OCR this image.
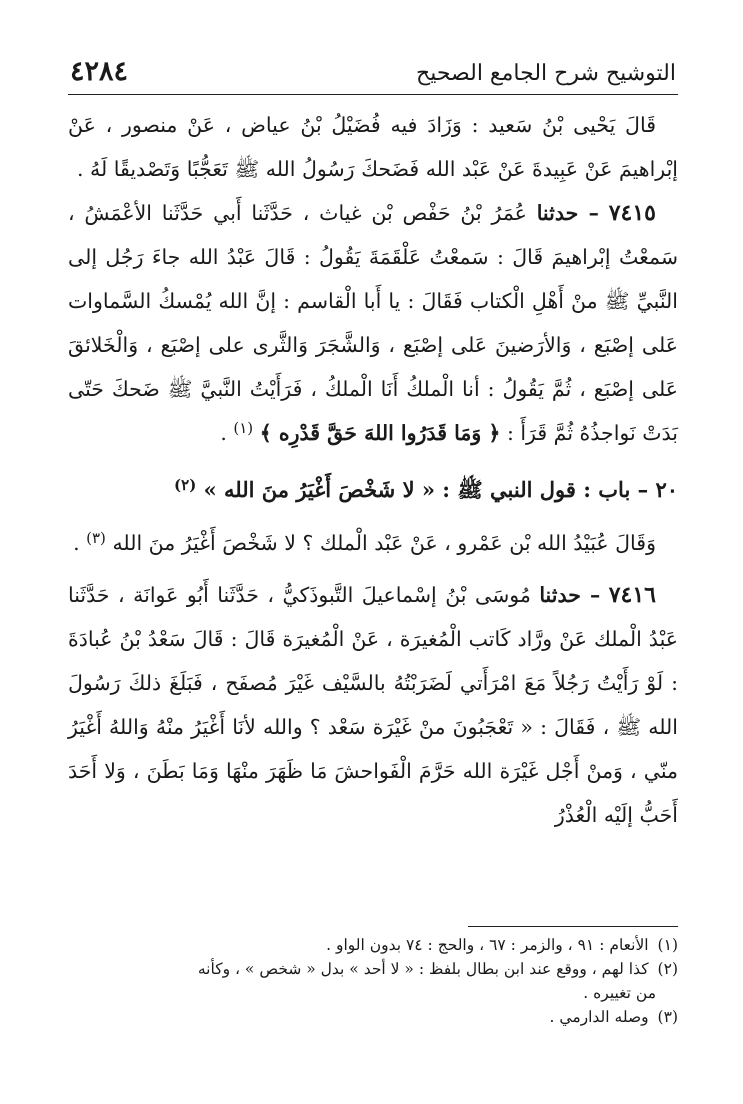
التوشيح شرح الجامع الصحيح
٤٢٨٤

قَالَ يَحْيى بْنُ سَعيد : وَزَادَ فيه فُضَيْلُ بْنُ عياض ، عَنْ منصور ، عَنْ إبْراهيمَ عَنْ عَبِيدةَ عَنْ عَبْد الله فَضَحكَ رَسُولُ الله ﷺ تَعَجُّبًا وَتَصْديقًا لَهُ .

٧٤١٥ – حدثنا عُمَرُ بْنُ حَفْص بْن غياث ، حَدَّثَنا أَبي حَدَّثَنا الأعْمَشُ ، سَمعْتُ إبْراهيمَ قَالَ : سَمعْتُ عَلْقَمَةَ يَقُولُ : قَالَ عَبْدُ الله جاءَ رَجُل إلى النَّبيِّ ﷺ منْ أَهْلِ الْكتاب فَقَالَ : يا أَبا الْقاسم : إنَّ الله يُمْسكُ السَّماوات عَلى إصْبَع ، وَالأرَضينَ عَلى إصْبَع ، وَالشَّجَرَ وَالثَّرى على إصْبَع ، وَالْخَلائقَ عَلى إصْبَع ، ثُمَّ يَقُولُ : أنا الْملكُ أَنَا الْملكُ ، فَرَأَيْتُ النَّبيَّ ﷺ ضَحكَ حَتّى بَدَتْ نَواجذُهُ ثُمَّ قَرَأَ : ﴿ وَمَا قَدَرُوا اللهَ حَقَّ قَدْرِه ﴾ $^{(١)}$ .

٢٠ – باب : قول النبي ﷺ : « لا شَخْصَ أَغْيَرُ منَ الله » $^{(٢)}$

وَقَالَ عُبَيْدُ الله بْن عَمْرو ، عَنْ عَبْد الْملك ؟ لا شَخْصَ أَغْيَرُ منَ الله $^{(٣)}$ .

٧٤١٦ – حدثنا مُوسَى بْنُ إسْماعيلَ التَّبوذَكيُّ ، حَدَّثَنا أَبُو عَوانَة ، حَدَّثَنا عَبْدُ الْملك عَنْ ورَّاد كَاتب الْمُغيرَة ، عَنْ الْمُغيرَة قَالَ : قَالَ سَعْدُ بْنُ عُبادَةَ : لَوْ رَأَيْتُ رَجُلاً مَعَ امْرَأَتي لَضَرَبْتُهُ بالسَّيْف غَيْرَ مُصفَح ، فَبَلَغَ ذلكَ رَسُولَ الله ﷺ ، فَقَالَ : « تَعْجَبُونَ منْ غَيْرَة سَعْد ؟ والله لأنَا أَغْيَرُ منْهُ وَاللهُ أَغْيَرُ منّي ، وَمنْ أَجْل غَيْرَة الله حَرَّمَ الْفَواحشَ مَا ظَهَرَ منْهَا وَمَا بَطَنَ ، وَلا أَحَدَ أَحَبُّ إلَيْه الْعُذْرُ

(١) الأنعام : ٩١ ، والزمر : ٦٧ ، والحج : ٧٤ بدون الواو .

(٢) كذا لهم ، ووقع عند ابن بطال بلفظ : « لا أحد » بدل « شخص » ، وكأنه
من تغييره .

(٣) وصله الدارمي .
